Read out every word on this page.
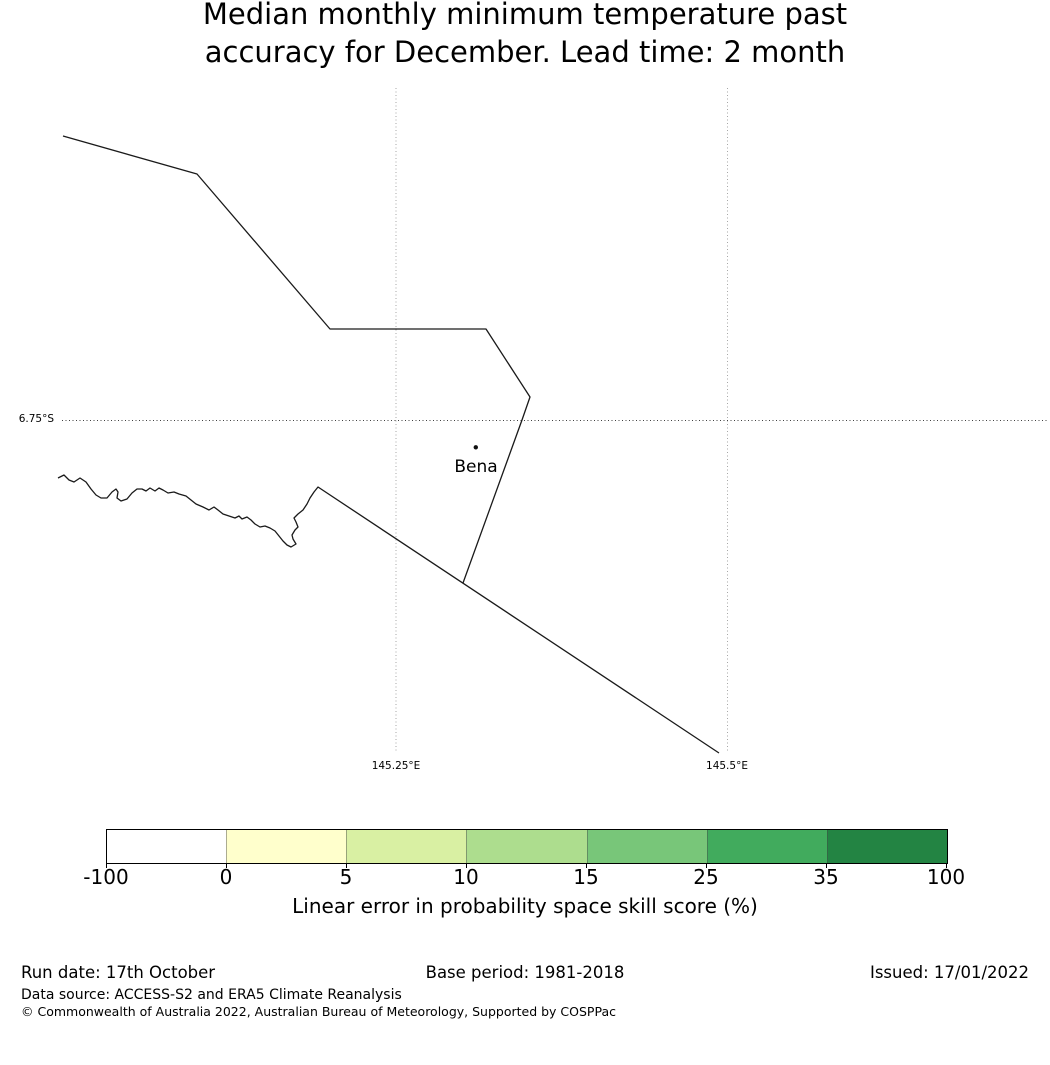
Median monthly minimum temperature past
accuracy for December. Lead time: 2 month
6.75°S
145.25°E	145.5°E
Bena
-100	0	5	10	15	25	35	100
Linear error in probability space skill score (%)
Run date: 17th October	Base period: 1981-2018	Issued: 17/01/2022
Data source: ACCESS-S2 and ERA5 Climate Reanalysis
© Commonwealth of Australia 2022, Australian Bureau of Meteorology, Supported by COSPPac
